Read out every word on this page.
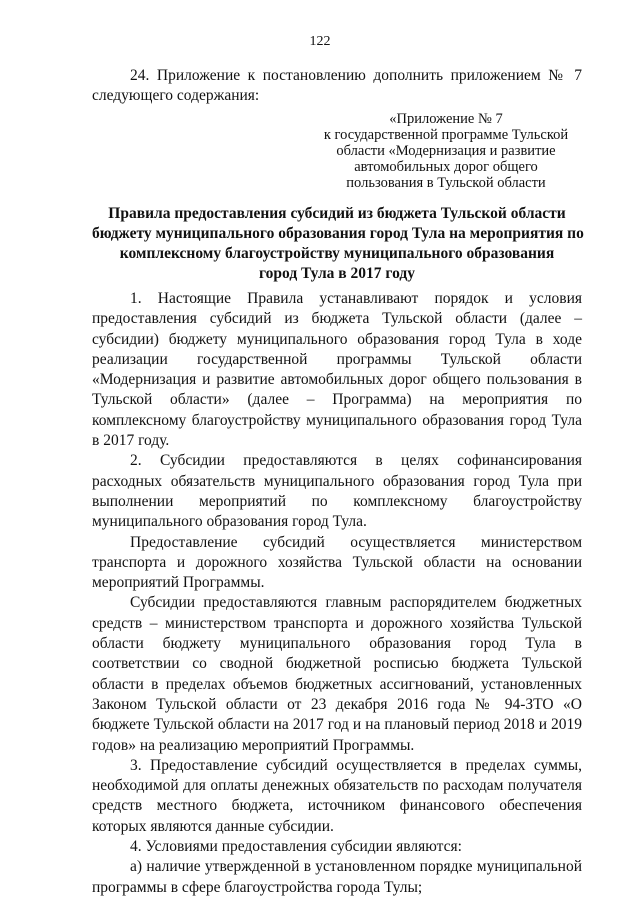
122

24. Приложение к постановлению дополнить приложением № 7 следующего содержания:

«Приложение № 7
к государственной программе Тульской
области «Модернизация и развитие
автомобильных дорог общего
пользования в Тульской области
Правила предоставления субсидий из бюджета Тульской области
бюджету муниципального образования город Тула на мероприятия по
комплексному благоустройству муниципального образования
город Тула в 2017 году

1. Настоящие Правила устанавливают порядок и условия предоставления субсидий из бюджета Тульской области (далее – субсидии) бюджету муниципального образования город Тула в ходе реализации государственной программы Тульской области «Модернизация и развитие автомобильных дорог общего пользования в Тульской области» (далее – Программа) на мероприятия по комплексному благоустройству муниципального образования город Тула в 2017 году.

2. Субсидии предоставляются в целях софинансирования расходных обязательств муниципального образования город Тула при выполнении мероприятий по комплексному благоустройству муниципального образования город Тула.

Предоставление субсидий осуществляется министерством транспорта и дорожного хозяйства Тульской области на основании мероприятий Программы.

Субсидии предоставляются главным распорядителем бюджетных средств – министерством транспорта и дорожного хозяйства Тульской области бюджету муниципального образования город Тула в соответствии со сводной бюджетной росписью бюджета Тульской области в пределах объемов бюджетных ассигнований, установленных Законом Тульской области от 23 декабря 2016 года № 94-ЗТО «О бюджете Тульской области на 2017 год и на плановый период 2018 и 2019 годов» на реализацию мероприятий Программы.

3. Предоставление субсидий осуществляется в пределах суммы, необходимой для оплаты денежных обязательств по расходам получателя средств местного бюджета, источником финансового обеспечения которых являются данные субсидии.

4. Условиями предоставления субсидии являются:

а) наличие утвержденной в установленном порядке муниципальной программы в сфере благоустройства города Тулы;
